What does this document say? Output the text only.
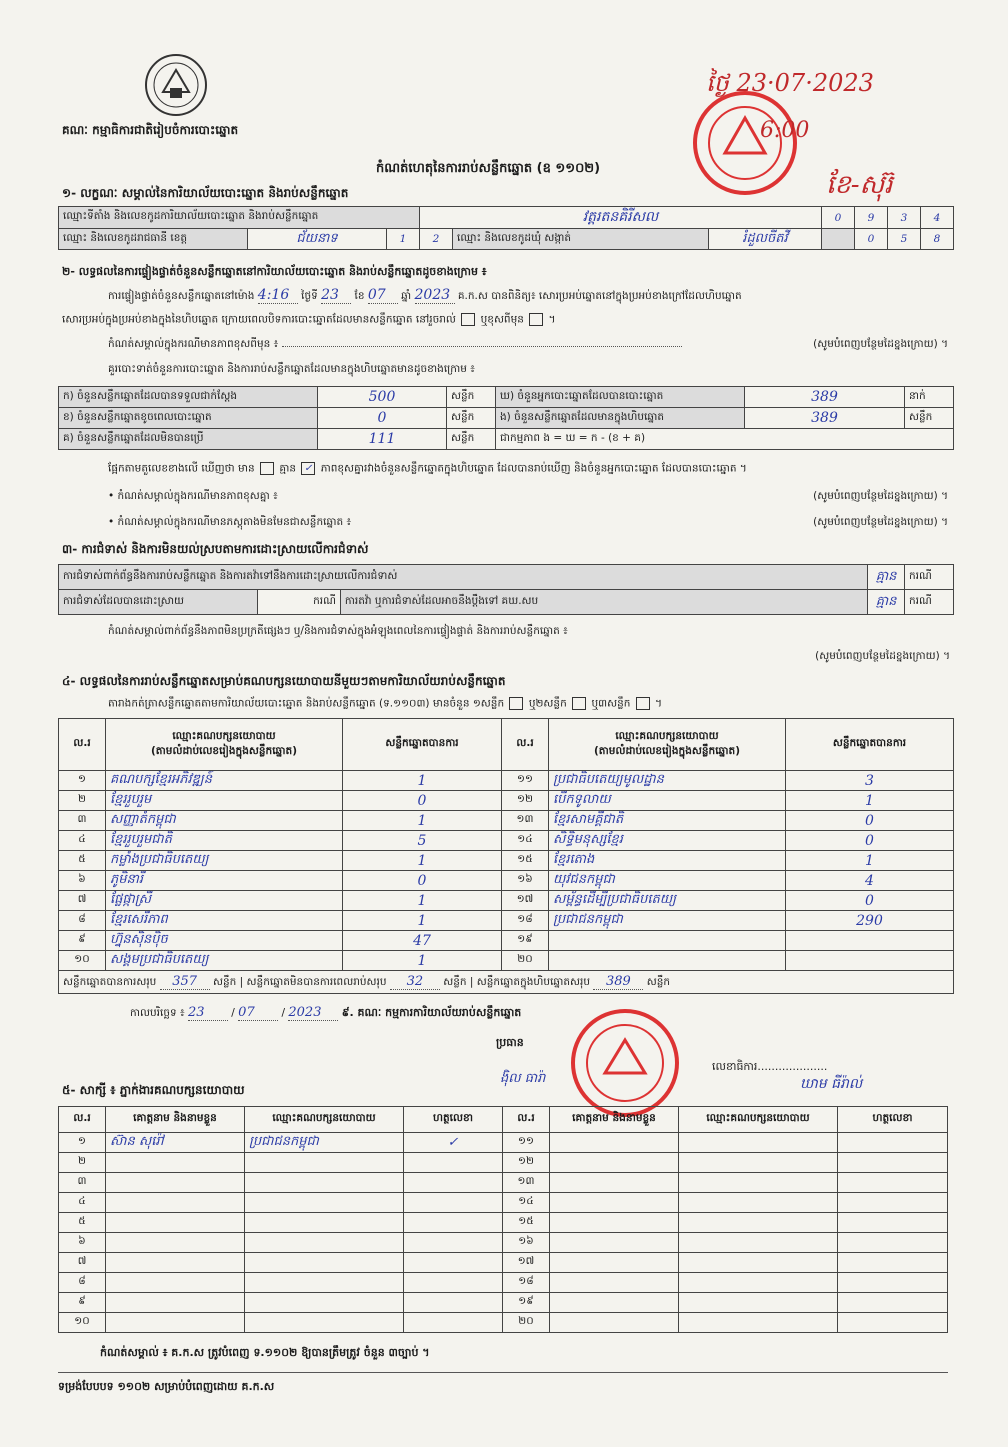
គណៈ កម្មាធិការជាតិរៀបចំការបោះឆ្នោត
ថ្ងៃ 23·07·2023
6:00
ខែ-សុរ៊
កំណត់ហេតុនៃការរាប់សន្លឹកឆ្នោត (ឧ ១១០២)
១- លក្ខណៈ សម្គាល់នៃការិយាល័យបោះឆ្នោត និងរាប់សន្លឹកឆ្នោត
ឈ្មោះទីតាំង និងលេខកូដការិយាល័យបោះឆ្នោត និងរាប់សន្លឹកឆ្នោត			វត្តរតនគិរីសល			0	9	3	4
ឈ្មោះ និងលេខកូដរាជធានី ខេត្ត	ជ័យនាទ	1	2	ឈ្មោះ និងលេខកូដឃុំ សង្កាត់	រំដួលចីតវី		0	5	8
២- លទ្ធផលនៃការផ្ទៀងផ្ទាត់ចំនួនសន្លឹកឆ្នោតនៅការិយាល័យបោះឆ្នោត និងរាប់សន្លឹកឆ្នោតដូចខាងក្រោម ៖
ការផ្ទៀងផ្ទាត់ចំនួនសន្លឹកឆ្នោតនៅម៉ោង 4:16 ថ្ងៃទី 23 ខែ 07 ឆ្នាំ 2023 គ.ក.ស បានពិនិត្យ៖ សោរប្រអប់ឆ្នោតនៅក្នុងប្រអប់ខាងក្រៅដែលហិបឆ្នោត
សោរប្រអប់ក្នុងប្រអប់ខាងក្នុងនៃហិបឆ្នោត ក្រោយពេលបិទការបោះឆ្នោតដែលមានសន្លឹកឆ្នោត នៅរួចរាល់ ឬខុសពីមុន  ។
កំណត់សម្គាល់ក្នុងករណីមានភាពខុសពីមុន ៖	(សូមបំពេញបន្ថែមដៃខ្នងក្រោយ) ។
គួរបោះទាត់ចំនួនការបោះឆ្នោត និងការរាប់សន្លឹកឆ្នោតដែលមានក្នុងហិបឆ្នោតមានដូចខាងក្រោម ៖
ក) ចំនួនសន្លឹកឆ្នោតដែលបានទទួលជាក់ស្តែង	500	សន្លឹក	ឃ) ចំនួនអ្នកបោះឆ្នោតដែលបានបោះឆ្នោត	389	នាក់
ខ) ចំនួនសន្លឹកឆ្នោតខូចពេលបោះឆ្នោត	0	សន្លឹក	ង) ចំនួនសន្លឹកឆ្នោតដែលមានក្នុងហិបឆ្នោត	389	សន្លឹក
គ) ចំនួនសន្លឹកឆ្នោតដែលមិនបានប្រើ	111	សន្លឹក	ជាកម្មភាព ង = ឃ = ក - (ខ + គ)		
ផ្អែកតាមតួលេខខាងលើ ឃើញថា មាន គ្មាន ✓ ភាពខុសគ្នារវាងចំនួនសន្លឹកឆ្នោតក្នុងហិបឆ្នោត ដែលបានរាប់ឃើញ និងចំនួនអ្នកបោះឆ្នោត ដែលបានបោះឆ្នោត ។
• កំណត់សម្គាល់ក្នុងករណីមានភាពខុសគ្នា ៖	(សូមបំពេញបន្ថែមដៃខ្នងក្រោយ) ។
• កំណត់សម្គាល់ក្នុងករណីមានភស្តុតាងមិនមែនជាសន្លឹកឆ្នោត ៖	(សូមបំពេញបន្ថែមដៃខ្នងក្រោយ) ។
៣- ការជំទាស់ និងការមិនយល់ស្របតាមការដោះស្រាយលើការជំទាស់
ការជំទាស់ពាក់ព័ន្ធនឹងការរាប់សន្លឹកឆ្នោត និងការតវ៉ាទៅនឹងការដោះស្រាយលើការជំទាស់			គ្មាន	ករណី
ការជំទាស់ដែលបានដោះស្រាយ	ករណី	ការតវ៉ា ឬការជំទាស់ដែលអាចនឹងប្តឹងទៅ គឃ.សប	គ្មាន	ករណី
កំណត់សម្គាល់ពាក់ព័ន្ធនឹងភាពមិនប្រក្រតីផ្សេងៗ ឬ/និងការជំទាស់ក្នុងអំឡុងពេលនៃការផ្ទៀងផ្ទាត់ និងការរាប់សន្លឹកឆ្នោត ៖
(សូមបំពេញបន្ថែមដៃខ្នងក្រោយ) ។
៤- លទ្ធផលនៃការរាប់សន្លឹកឆ្នោតសម្រាប់គណបក្សនយោបាយនីមួយៗតាមការិយាល័យរាប់សន្លឹកឆ្នោត
តារាងកត់ត្រាសន្លឹកឆ្នោតតាមការិយាល័យបោះឆ្នោត និងរាប់សន្លឹកឆ្នោត (ទ.១១០៣) មានចំនួន ១សន្លឹក ឬ២សន្លឹក ឬ៣សន្លឹក  ។
ល.រ	ឈ្មោះគណបក្សនយោបាយ
(តាមលំដាប់លេខរៀងក្នុងសន្លឹកឆ្នោត)	សន្លឹកឆ្នោតបានការ	ល.រ	ឈ្មោះគណបក្សនយោបាយ
(តាមលំដាប់លេខរៀងក្នុងសន្លឹកឆ្នោត)	សន្លឹកឆ្នោតបានការ
១	គណបក្សខ្មែរអភិវឌ្ឍន៍	1	១១	ប្រជាធិបតេយ្យមូលដ្ឋាន	3
២	ខ្មែររួបរួម	0	១២	បើកទូលាយ	1
៣	សញ្ញាតំកម្ពុជា	1	១៣	ខ្មែរសាមគ្គីជាតិ	0
៤	ខ្មែររួបរួមជាតិ	5	១៤	សិទ្ធិមនុស្សខ្មែរ	0
៥	កម្លាំងប្រជាធិបតេយ្យ	1	១៥	ខ្មែរតោង	1
៦	ភូមិនារី	0	១៦	យុវជនកម្ពុជា	4
៧	ផ្លែផ្កាស្រី	1	១៧	សម្ព័ន្ធដើម្បីប្រជាធិបតេយ្យ	0
៨	ខ្មែរសេរីភាព	1	១៨	ប្រជាជនកម្ពុជា	290
៩	ហ្វ៊ុនស៊ិនប៉ិច	47	១៩		
១០	សង្គមប្រជាធិបតេយ្យ	1	២០		
សន្លឹកឆ្នោតបានការសរុប 357 សន្លឹក | សន្លឹកឆ្នោតមិនបានការពេលរាប់សរុប 32 សន្លឹក | សន្លឹកឆ្នោតក្នុងហិបឆ្នោតសរុប 389 សន្លឹក					
កាលបរិច្ឆេទ ៖ 23 / 07 / 2023 ៩. គណៈ កម្មការការិយាល័យរាប់សន្លឹកឆ្នោត
ប្រធាន
ង៉ិល ធារ៉ា
លេខាធិការ....................
ឃាម ធីរ៉ាល់
៥- សាក្សី ៖ ភ្នាក់ងារគណបក្សនយោបាយ
ល.រ	គោត្តនាម និងនាមខ្លួន	ឈ្មោះគណបក្សនយោបាយ	ហត្ថលេខា	ល.រ	គោត្តនាម និងនាមខ្លួន	ឈ្មោះគណបក្សនយោបាយ	ហត្ថលេខា
១	ស៊ាន សុរ៉ៅ	ប្រជាជនកម្ពុជា	✓	១១			
២				១២			
៣				១៣			
៤				១៤			
៥				១៥			
៦				១៦			
៧				១៧			
៨				១៨			
៩				១៩			
១០				២០			
កំណត់សម្គាល់ ៖ គ.ក.ស ត្រូវបំពេញ ទ.១១០២ ឱ្យបានត្រឹមត្រូវ ចំនួន ៣ច្បាប់ ។
ទម្រង់បែបបទ ១១០២ សម្រាប់បំពេញដោយ គ.ក.ស
